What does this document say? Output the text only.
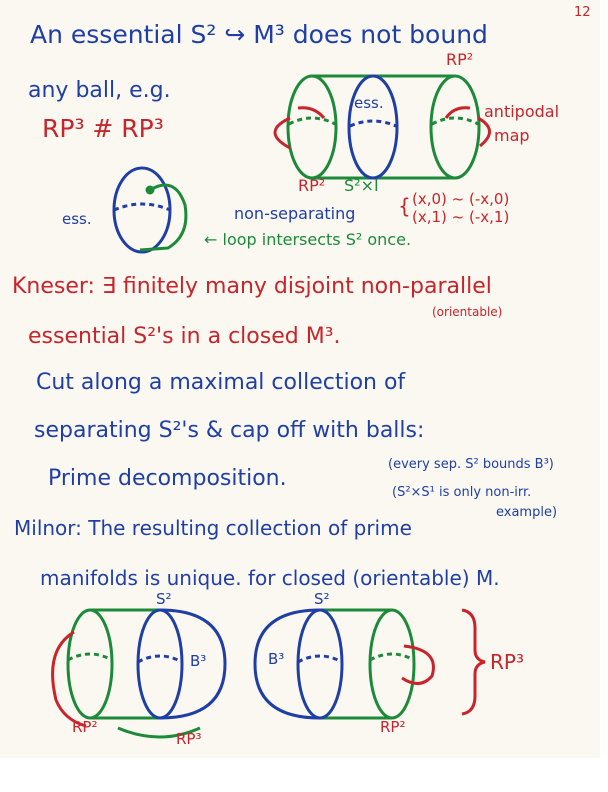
12
An essential S² ↪ M³ does not bound
any ball, e.g.
RP³ # RP³
RP²
ess.
RP² S²×I
antipodal
map
{ (x,0) ~ (-x,0)
(x,1) ~ (-x,1)
ess.	non-separating
← loop intersects S² once.
Kneser: ∃ finitely many disjoint non-parallel
(orientable)
essential S²'s in a closed M³.
Cut along a maximal collection of
separating S²'s & cap off with balls:
Prime decomposition.
(every sep. S² bounds B³)
(S²×S¹ is only non-irr.
example)
Milnor: The resulting collection of prime
manifolds is unique. for closed (orientable) M.
S²
B³
RP²
RP³
S²
B³
RP²
RP³
